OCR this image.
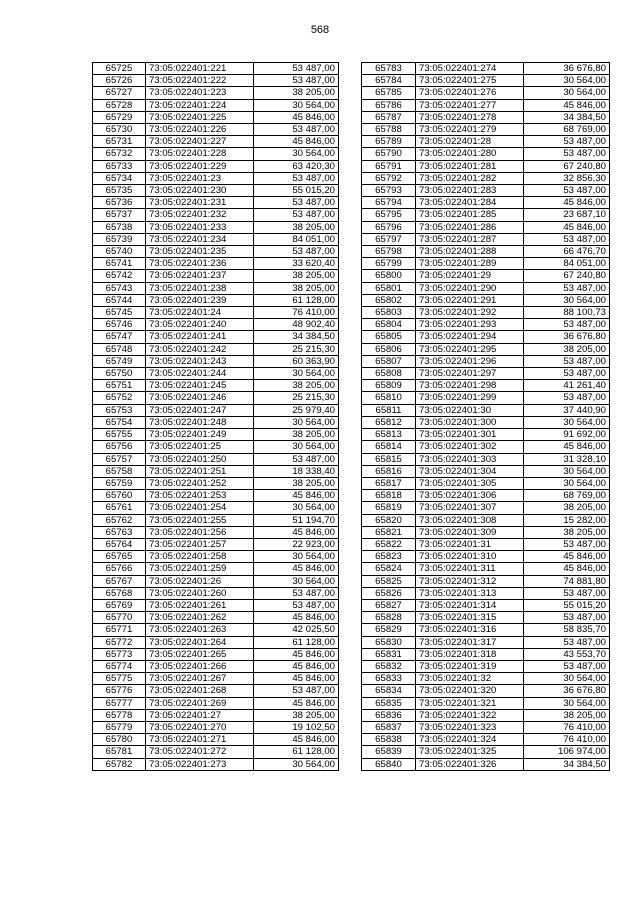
568
65725	73:05:022401:221	53 487,00
65726	73:05:022401:222	53 487,00
65727	73:05:022401:223	38 205,00
65728	73:05:022401:224	30 564,00
65729	73:05:022401:225	45 846,00
65730	73:05:022401:226	53 487,00
65731	73:05:022401:227	45 846,00
65732	73:05:022401:228	30 564,00
65733	73:05:022401:229	63 420,30
65734	73:05:022401:23	53 487,00
65735	73:05:022401:230	55 015,20
65736	73:05:022401:231	53 487,00
65737	73:05:022401:232	53 487,00
65738	73:05:022401:233	38 205,00
65739	73:05:022401:234	84 051,00
65740	73:05:022401:235	53 487,00
65741	73:05:022401:236	33 620,40
65742	73:05:022401:237	38 205,00
65743	73:05:022401:238	38 205,00
65744	73:05:022401:239	61 128,00
65745	73:05:022401:24	76 410,00
65746	73:05:022401:240	48 902,40
65747	73:05:022401:241	34 384,50
65748	73:05:022401:242	25 215,30
65749	73:05:022401:243	60 363,90
65750	73:05:022401:244	30 564,00
65751	73:05:022401:245	38 205,00
65752	73:05:022401:246	25 215,30
65753	73:05:022401:247	25 979,40
65754	73:05:022401:248	30 564,00
65755	73:05:022401:249	38 205,00
65756	73:05:022401:25	30 564,00
65757	73:05:022401:250	53 487,00
65758	73:05:022401:251	18 338,40
65759	73:05:022401:252	38 205,00
65760	73:05:022401:253	45 846,00
65761	73:05:022401:254	30 564,00
65762	73:05:022401:255	51 194,70
65763	73:05:022401:256	45 846,00
65764	73:05:022401:257	22 923,00
65765	73:05:022401:258	30 564,00
65766	73:05:022401:259	45 846,00
65767	73:05:022401:26	30 564,00
65768	73:05:022401:260	53 487,00
65769	73:05:022401:261	53 487,00
65770	73:05:022401:262	45 846,00
65771	73:05:022401:263	42 025,50
65772	73:05:022401:264	61 128,00
65773	73:05:022401:265	45 846,00
65774	73:05:022401:266	45 846,00
65775	73:05:022401:267	45 846,00
65776	73:05:022401:268	53 487,00
65777	73:05:022401:269	45 846,00
65778	73:05:022401:27	38 205,00
65779	73:05:022401:270	19 102,50
65780	73:05:022401:271	45 846,00
65781	73:05:022401:272	61 128,00
65782	73:05:022401:273	30 564,00
65783	73:05:022401:274	36 676,80
65784	73:05:022401:275	30 564,00
65785	73:05:022401:276	30 564,00
65786	73:05:022401:277	45 846,00
65787	73:05:022401:278	34 384,50
65788	73:05:022401:279	68 769,00
65789	73:05:022401:28	53 487,00
65790	73:05:022401:280	53 487,00
65791	73:05:022401:281	67 240,80
65792	73:05:022401:282	32 856,30
65793	73:05:022401:283	53 487,00
65794	73:05:022401:284	45 846,00
65795	73:05:022401:285	23 687,10
65796	73:05:022401:286	45 846,00
65797	73:05:022401:287	53 487,00
65798	73:05:022401:288	66 476,70
65799	73:05:022401:289	84 051,00
65800	73:05:022401:29	67 240,80
65801	73:05:022401:290	53 487,00
65802	73:05:022401:291	30 564,00
65803	73:05:022401:292	88 100,73
65804	73:05:022401:293	53 487,00
65805	73:05:022401:294	36 676,80
65806	73:05:022401:295	38 205,00
65807	73:05:022401:296	53 487,00
65808	73:05:022401:297	53 487,00
65809	73:05:022401:298	41 261,40
65810	73:05:022401:299	53 487,00
65811	73:05:022401:30	37 440,90
65812	73:05:022401:300	30 564,00
65813	73:05:022401:301	91 692,00
65814	73:05:022401:302	45 846,00
65815	73:05:022401:303	31 328,10
65816	73:05:022401:304	30 564,00
65817	73:05:022401:305	30 564,00
65818	73:05:022401:306	68 769,00
65819	73:05:022401:307	38 205,00
65820	73:05:022401:308	15 282,00
65821	73:05:022401:309	38 205,00
65822	73:05:022401:31	53 487,00
65823	73:05:022401:310	45 846,00
65824	73:05:022401:311	45 846,00
65825	73:05:022401:312	74 881,80
65826	73:05:022401:313	53 487,00
65827	73:05:022401:314	55 015,20
65828	73:05:022401:315	53 487,00
65829	73:05:022401:316	58 835,70
65830	73:05:022401:317	53 487,00
65831	73:05:022401:318	43 553,70
65832	73:05:022401:319	53 487,00
65833	73:05:022401:32	30 564,00
65834	73:05:022401:320	36 676,80
65835	73:05:022401:321	30 564,00
65836	73:05:022401:322	38 205,00
65837	73:05:022401:323	76 410,00
65838	73:05:022401:324	76 410,00
65839	73:05:022401:325	106 974,00
65840	73:05:022401:326	34 384,50
